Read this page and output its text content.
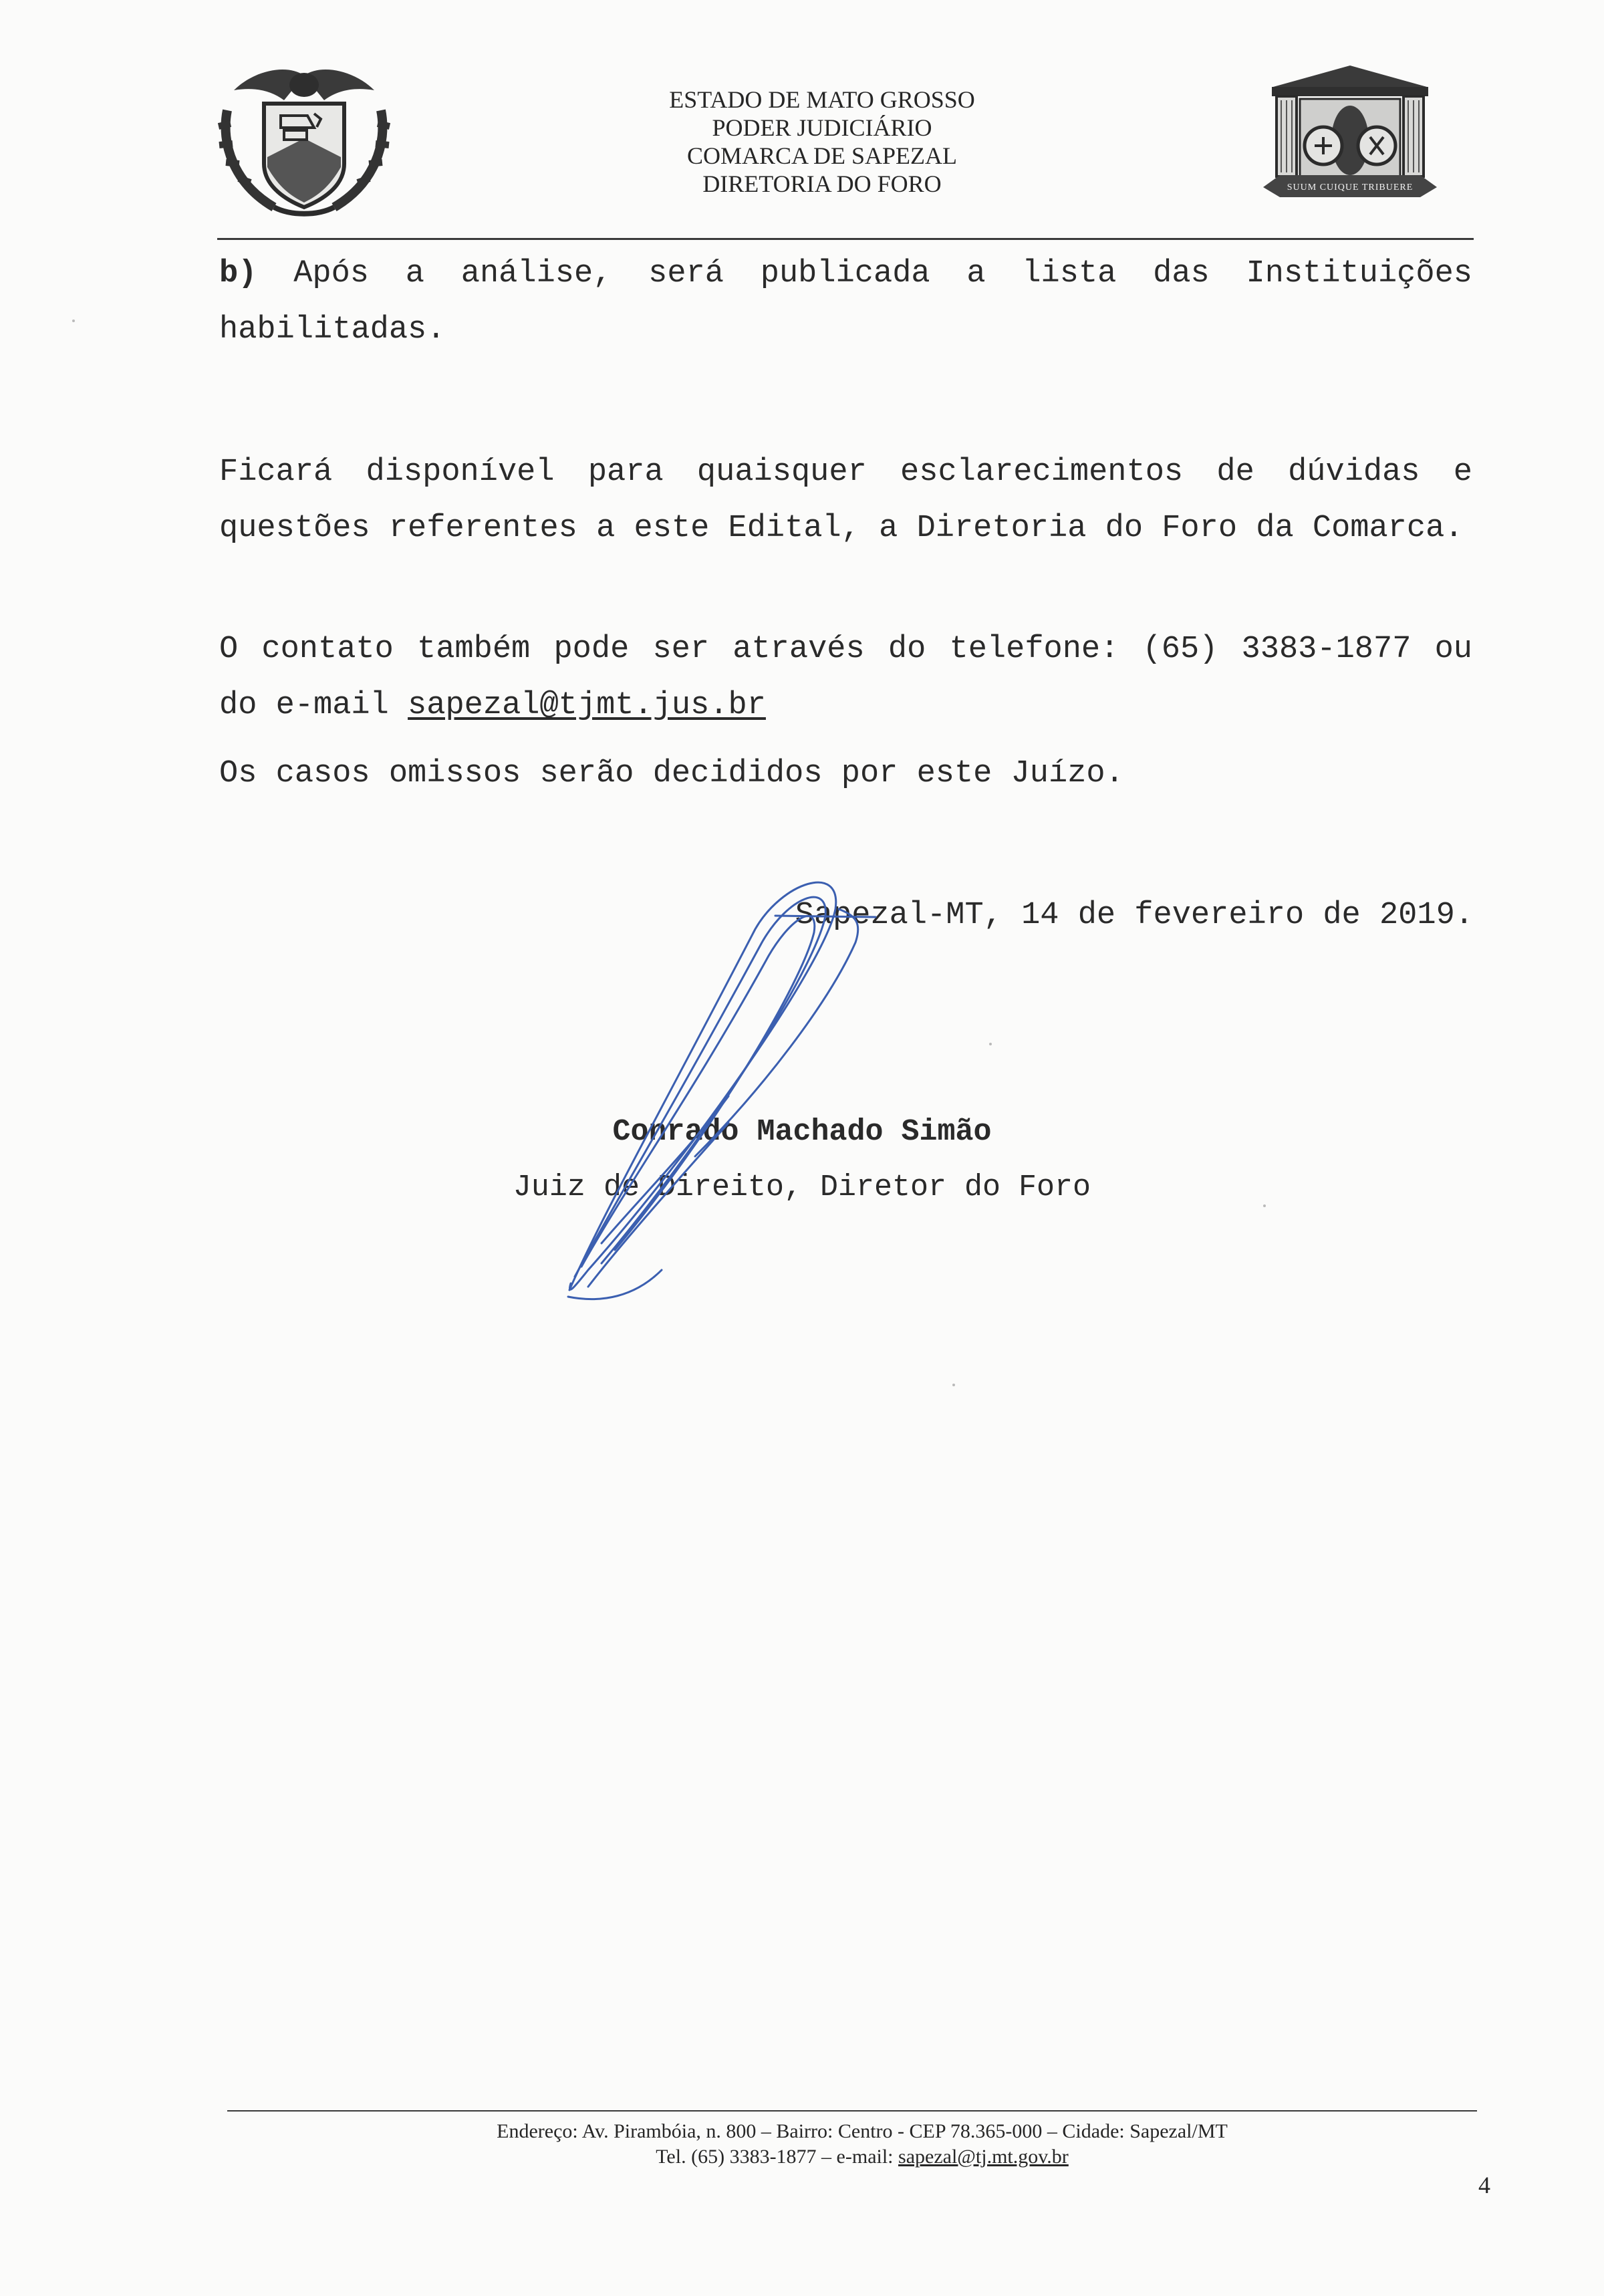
ESTADO DE MATO GROSSO
PODER JUDICIÁRIO
COMARCA DE SAPEZAL
DIRETORIA DO FORO	SUUM CUIQUE TRIBUERE
b) Após a análise, será publicada a lista das Instituições habilitadas.
Ficará disponível para quaisquer esclarecimentos de dúvidas e questões referentes a este Edital, a Diretoria do Foro da Comarca.
O contato também pode ser através do telefone: (65) 3383-1877 ou do e-mail sapezal@tjmt.jus.br
Os casos omissos serão decididos por este Juízo.
Sapezal-MT, 14 de fevereiro de 2019.
Conrado Machado Simão
Juiz de Direito, Diretor do Foro
Endereço: Av. Pirambóia, n. 800 – Bairro: Centro - CEP 78.365-000 – Cidade: Sapezal/MT
Tel. (65) 3383-1877 – e-mail: sapezal@tj.mt.gov.br
4
